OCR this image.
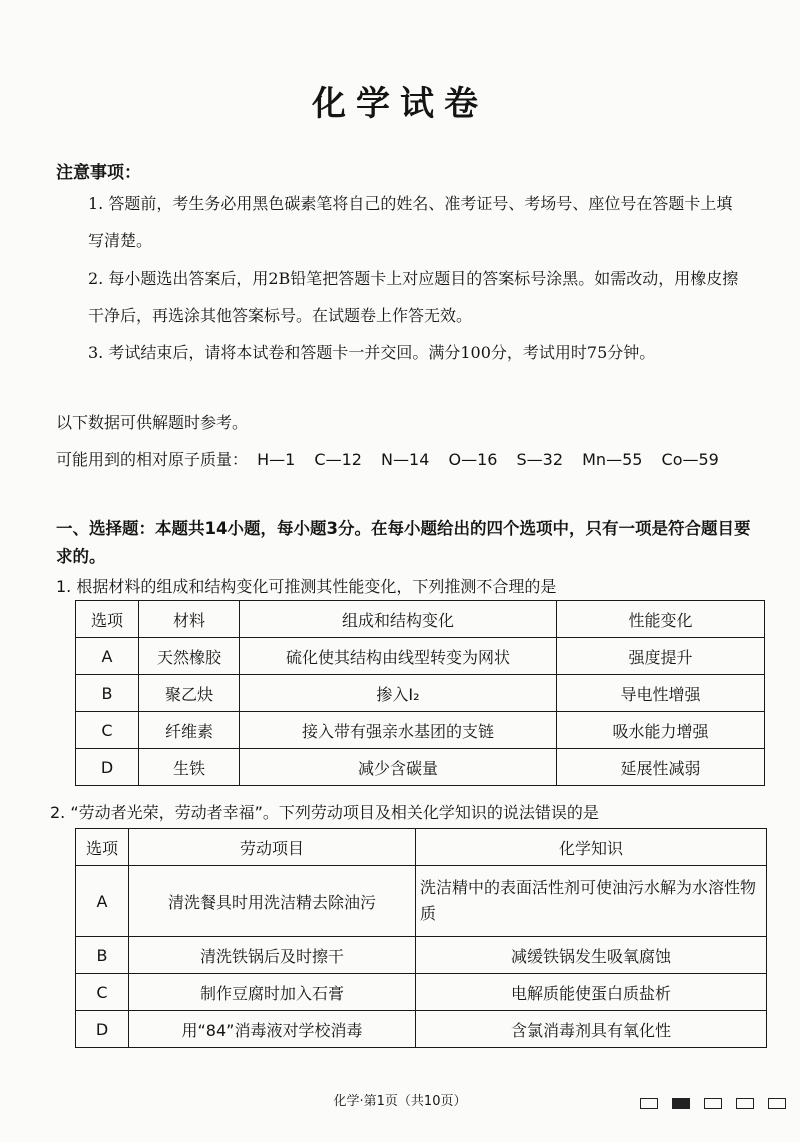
化学试卷
注意事项：
1. 答题前，考生务必用黑色碳素笔将自己的姓名、准考证号、考场号、座位号在答题卡上填写清楚。
2. 每小题选出答案后，用2B铅笔把答题卡上对应题目的答案标号涂黑。如需改动，用橡皮擦干净后，再选涂其他答案标号。在试题卷上作答无效。
3. 考试结束后，请将本试卷和答题卡一并交回。满分100分，考试用时75分钟。
以下数据可供解题时参考。
可能用到的相对原子质量： H—1 C—12 N—14 O—16 S—32 Mn—55 Co—59
一、选择题：本题共14小题，每小题3分。在每小题给出的四个选项中，只有一项是符合题目要求的。
1. 根据材料的组成和结构变化可推测其性能变化，下列推测不合理的是
选项	材料	组成和结构变化	性能变化
A	天然橡胶	硫化使其结构由线型转变为网状	强度提升
B	聚乙炔	掺入I₂	导电性增强
C	纤维素	接入带有强亲水基团的支链	吸水能力增强
D	生铁	减少含碳量	延展性减弱
2. “劳动者光荣，劳动者幸福”。下列劳动项目及相关化学知识的说法错误的是
选项	劳动项目	化学知识
A	清洗餐具时用洗洁精去除油污	洗洁精中的表面活性剂可使油污水解为水溶性物质
B	清洗铁锅后及时擦干	减缓铁锅发生吸氧腐蚀
C	制作豆腐时加入石膏	电解质能使蛋白质盐析
D	用“84”消毒液对学校消毒	含氯消毒剂具有氧化性
化学·第1页（共10页）
